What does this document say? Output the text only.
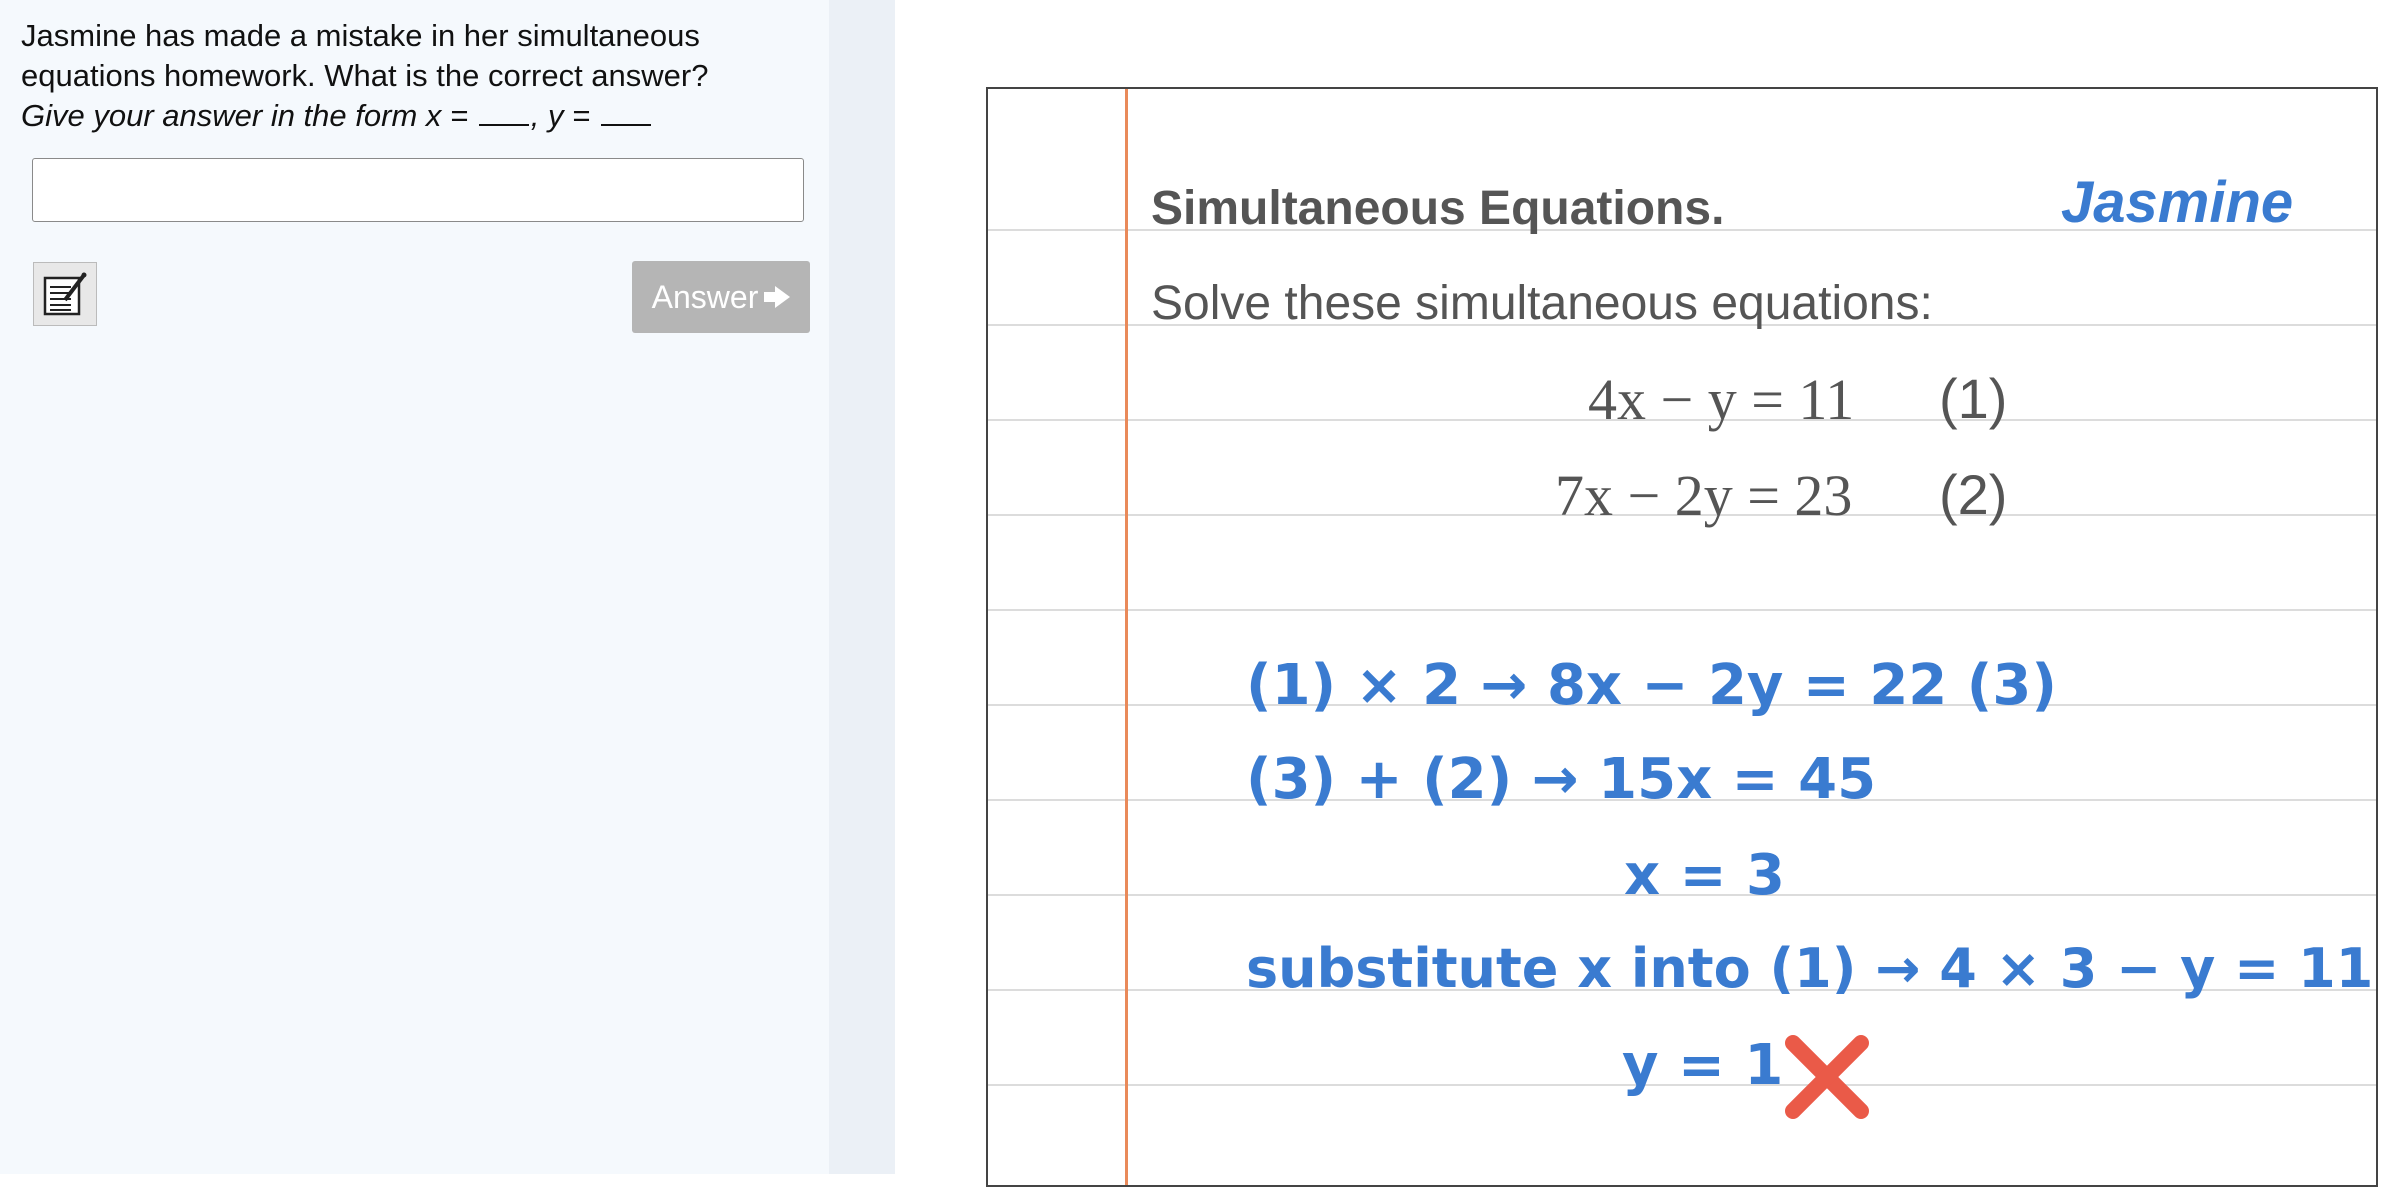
Jasmine has made a mistake in her simultaneous
equations homework. What is the correct answer?
Give your answer in the form x = , y =
Answer
Simultaneous Equations.	Jasmine
Solve these simultaneous equations:
4x − y = 11 (1)
7x − 2y = 23 (2)
(1) × 2 → 8x − 2y = 22 (3)
(3) + (2) → 15x = 45
x = 3
substitute x into (1) → 4 × 3 − y = 11
y = 1
